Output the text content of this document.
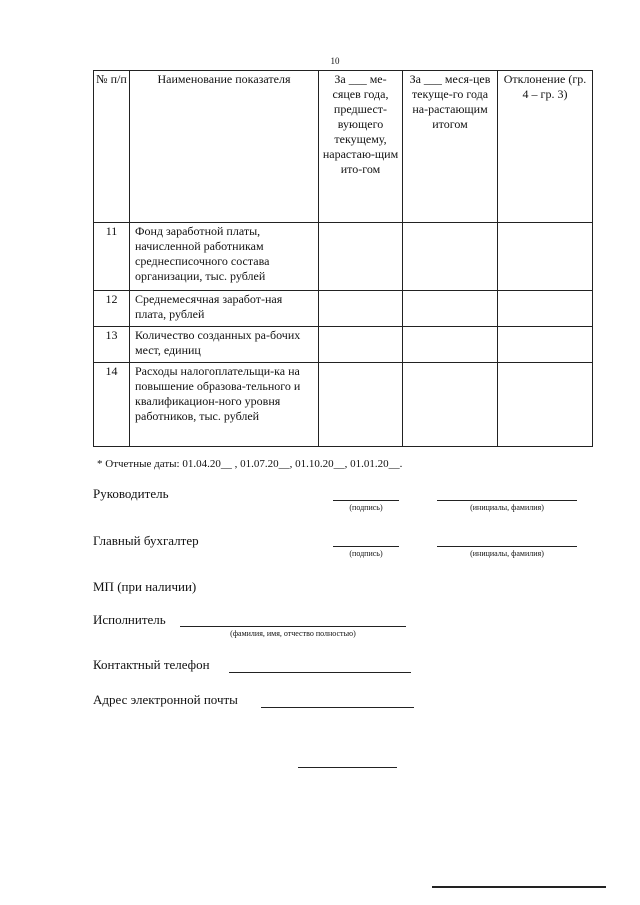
10
№ п/п	Наименование показателя	За ___ ме-сяцев года, предшест-вующего текущему, нарастаю-щим ито-гом	За ___ меся-цев текуще-го года на-растающим итогом	Отклонение (гр. 4 – гр. 3)
11	Фонд заработной платы, начисленной работникам среднесписочного состава организации, тыс. рублей			
12	Среднемесячная заработ-ная плата, рублей			
13	Количество созданных ра-бочих мест, единиц			
14	Расходы налогоплательщи-ка на повышение образова-тельного и квалификацион-ного уровня работников, тыс. рублей			
* Отчетные даты: 01.04.20__ , 01.07.20__, 01.10.20__, 01.01.20__.
Руководитель
(подпись)	(инициалы, фамилия)
Главный бухгалтер
(подпись)	(инициалы, фамилия)
МП (при наличии)
Исполнитель
(фамилия, имя, отчество полностью)
Контактный телефон
Адрес электронной почты
